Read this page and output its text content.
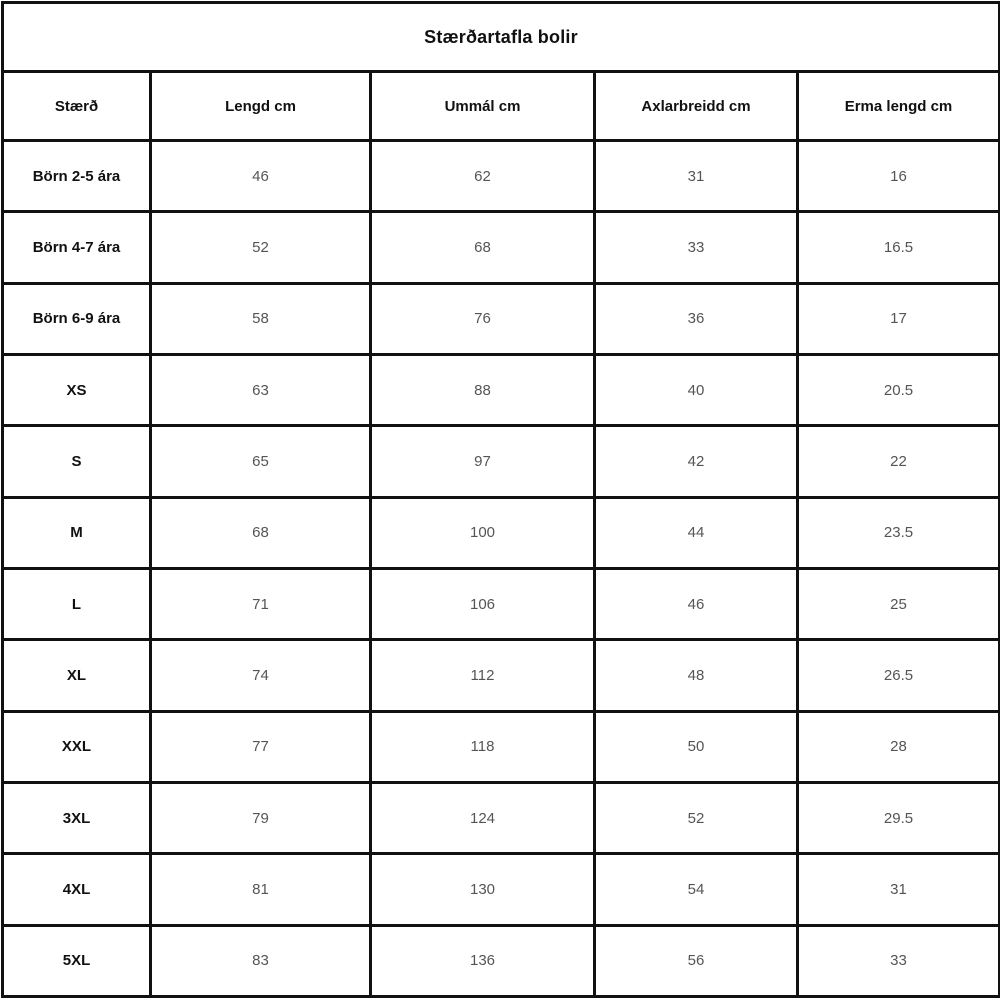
Stærðartafla bolir				
Stærð	Lengd cm	Ummál cm	Axlarbreidd cm	Erma lengd cm
Börn 2-5 ára	46	62	31	16
Börn 4-7 ára	52	68	33	16.5
Börn 6-9 ára	58	76	36	17
XS	63	88	40	20.5
S	65	97	42	22
M	68	100	44	23.5
L	71	106	46	25
XL	74	112	48	26.5
XXL	77	118	50	28
3XL	79	124	52	29.5
4XL	81	130	54	31
5XL	83	136	56	33
